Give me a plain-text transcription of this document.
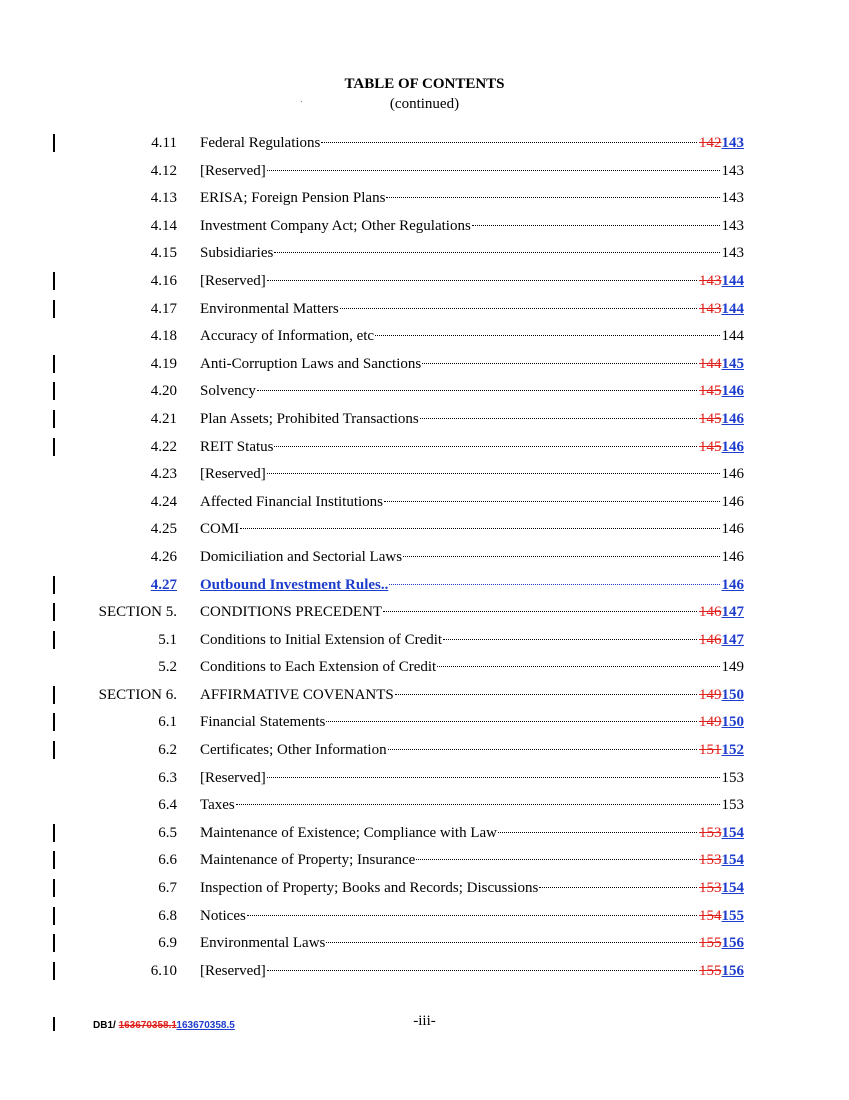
TABLE OF CONTENTS
(continued)
4.11 Federal Regulations	142143
4.12 [Reserved]	143
4.13 ERISA; Foreign Pension Plans	143
4.14 Investment Company Act; Other Regulations	143
4.15 Subsidiaries	143
4.16 [Reserved]	143144
4.17 Environmental Matters	143144
4.18 Accuracy of Information, etc	144
4.19 Anti-Corruption Laws and Sanctions	144145
4.20 Solvency	145146
4.21 Plan Assets; Prohibited Transactions	145146
4.22 REIT Status	145146
4.23 [Reserved]	146
4.24 Affected Financial Institutions	146
4.25 COMI	146
4.26 Domiciliation and Sectorial Laws	146
4.27 Outbound Investment Rules..	146
SECTION 5. CONDITIONS PRECEDENT	146147
5.1 Conditions to Initial Extension of Credit	146147
5.2 Conditions to Each Extension of Credit	149
SECTION 6. AFFIRMATIVE COVENANTS	149150
6.1 Financial Statements	149150
6.2 Certificates; Other Information	151152
6.3 [Reserved]	153
6.4 Taxes	153
6.5 Maintenance of Existence; Compliance with Law	153154
6.6 Maintenance of Property; Insurance	153154
6.7 Inspection of Property; Books and Records; Discussions	153154
6.8 Notices	154155
6.9 Environmental Laws	155156
6.10 [Reserved]	155156
-iii-
DB1/ 163670358.1163670358.5
